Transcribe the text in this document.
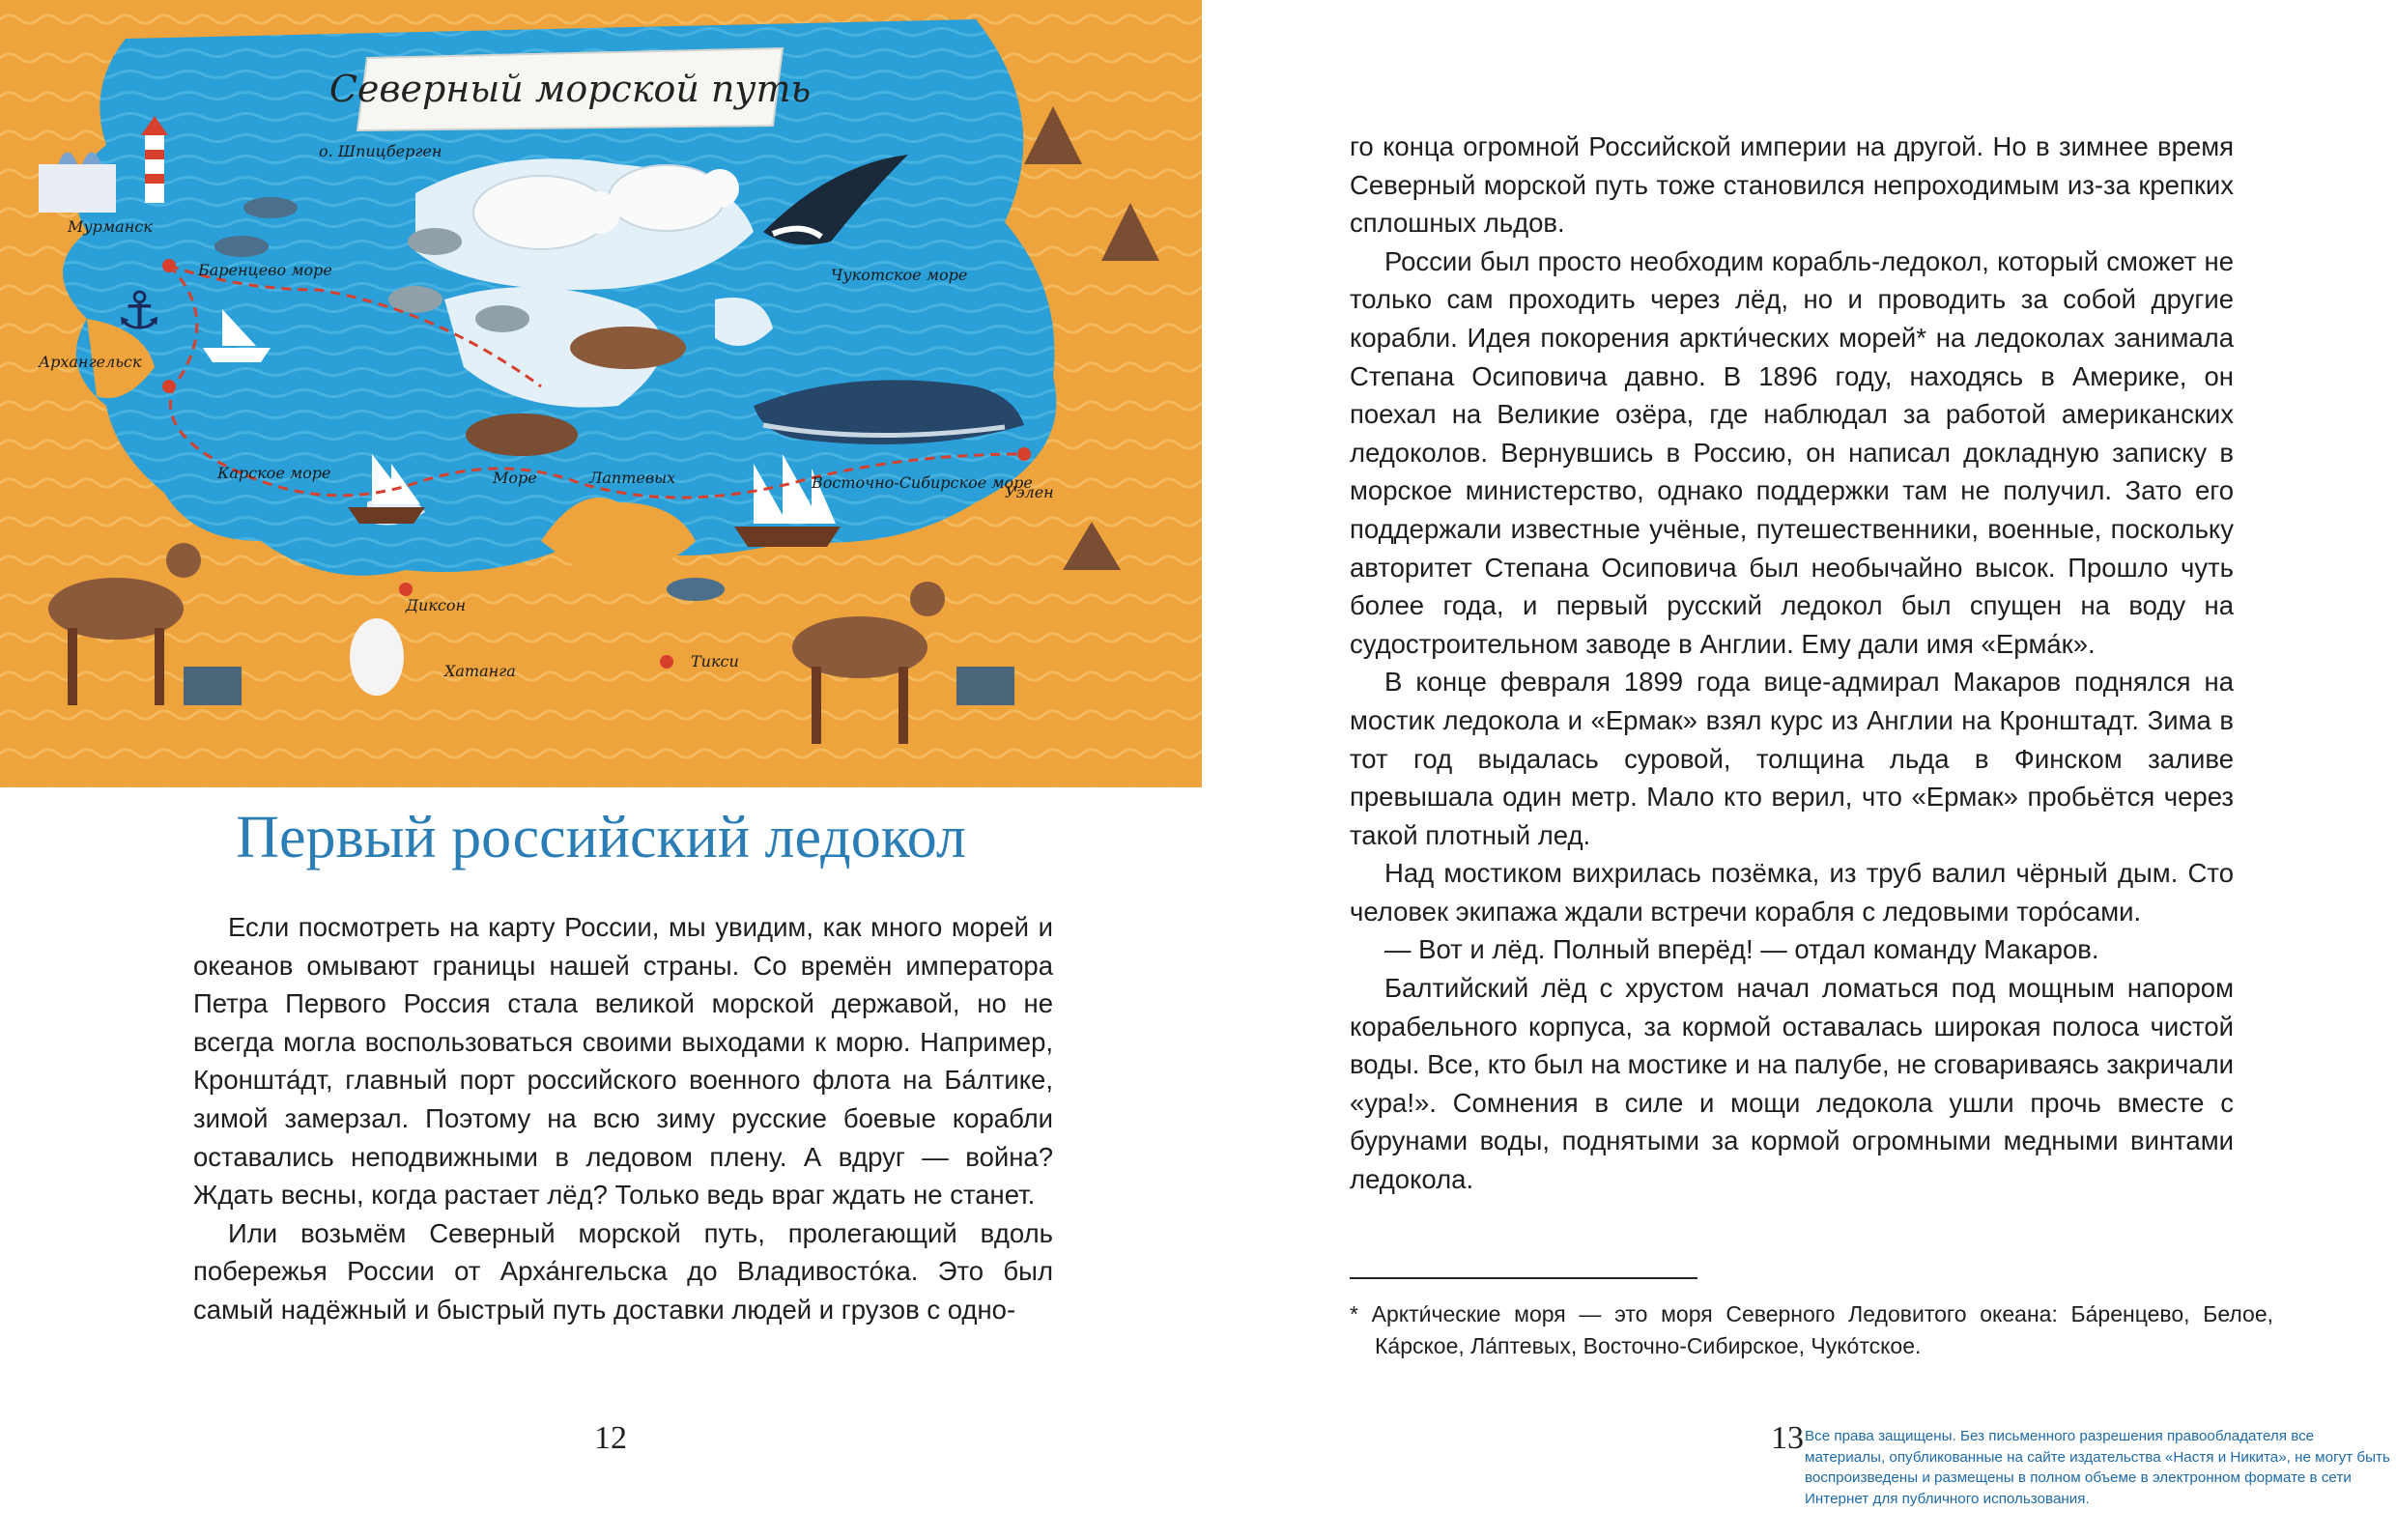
⚓
Северный морской путь
о. Шпицберген
Мурманск
Баренцево море
Архангельск
Чукотское море
Карское море	Море	Лаптевых	Восточно-Сибирское море
Уэлен
Диксон
Хатанга
Тикси
Первый российский ледокол

Если посмотреть на карту России, мы увидим, как много морей и океанов омывают границы нашей страны. Со времён императора Петра Первого Россия стала великой морской державой, но не всегда могла воспользоваться своими выходами к морю. Например, Кроншта́дт, главный порт российского военного флота на Ба́лтике, зимой замерзал. Поэтому на всю зиму русские боевые корабли оставались неподвижными в ледовом плену. А вдруг — война? Ждать весны, когда растает лёд? Только ведь враг ждать не станет.

Или возьмём Северный морской путь, пролегающий вдоль побережья России от Арха́нгельска до Владивосто́ка. Это был самый надёжный и быстрый путь доставки людей и грузов с одно-

го конца огромной Российской империи на другой. Но в зимнее время Северный морской путь тоже становился непроходимым из-за крепких сплошных льдов.

России был просто необходим корабль-ледокол, который сможет не только сам проходить через лёд, но и проводить за собой другие корабли. Идея покорения аркти́ческих морей* на ледоколах занимала Степана Осиповича давно. В 1896 году, находясь в Америке, он поехал на Великие озёра, где наблюдал за работой американских ледоколов. Вернувшись в Россию, он написал докладную записку в морское министерство, однако поддержки там не получил. Зато его поддержали известные учёные, путешественники, военные, поскольку авторитет Степана Осиповича был необычайно высок. Прошло чуть более года, и первый русский ледокол был спущен на воду на судостроительном заводе в Англии. Ему дали имя «Ерма́к».

В конце февраля 1899 года вице-адмирал Макаров поднялся на мостик ледокола и «Ермак» взял курс из Англии на Кронштадт. Зима в тот год выдалась суровой, толщина льда в Финском заливе превышала один метр. Мало кто верил, что «Ермак» пробьётся через такой плотный лед.

Над мостиком вихрилась позёмка, из труб валил чёрный дым. Сто человек экипажа ждали встречи корабля с ледовыми торо́сами.

— Вот и лёд. Полный вперёд! — отдал команду Макаров.

Балтийский лёд с хрустом начал ломаться под мощным напором корабельного корпуса, за кормой оставалась широкая полоса чистой воды. Все, кто был на мостике и на палубе, не сговариваясь закричали «ура!». Сомнения в силе и мощи ледокола ушли прочь вместе с бурунами воды, поднятыми за кормой огромными медными винтами ледокола.

* Аркти́ческие моря — это моря Северного Ледовитого океана: Ба́ренцево, Белое, Ка́рское, Ла́птевых, Восточно-Сибирское, Чуко́тское.

12	13 Все права защищены. Без письменного разрешения правообладателя все материалы, опубликованные на сайте издательства «Настя и Никита», не могут быть воспроизведены и размещены в полном объеме в электронном формате в сети Интернет для публичного использования.
